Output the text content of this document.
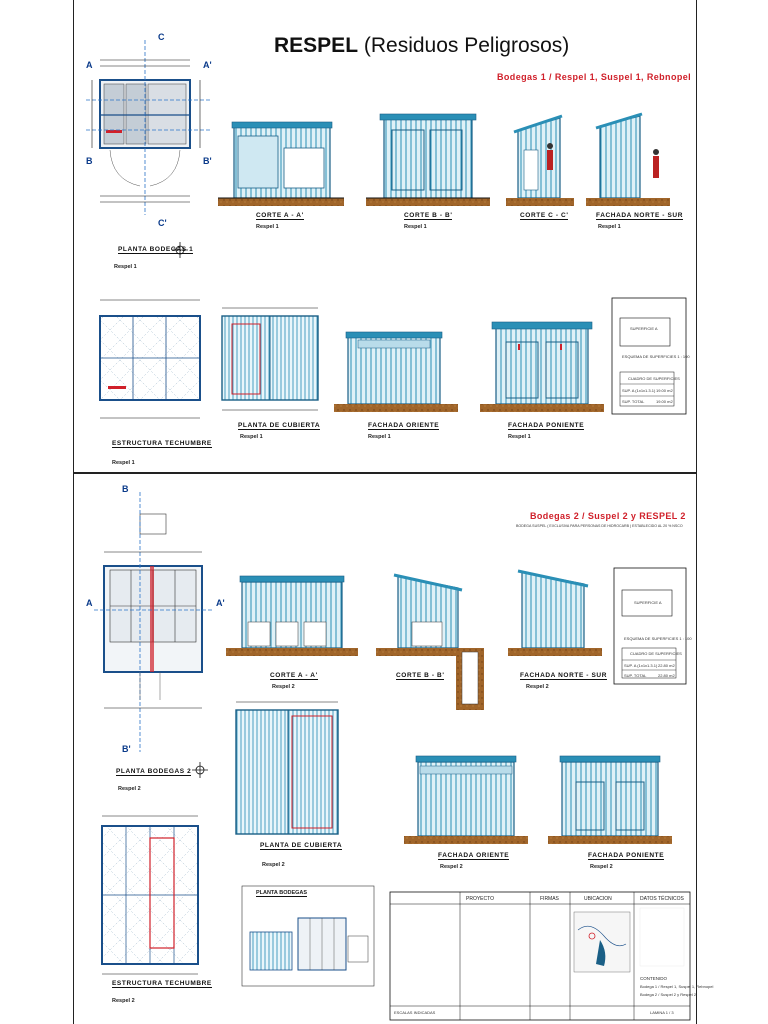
RESPEL (Residuos Peligrosos)
Bodegas 1 / Respel 1, Suspel 1, Rebnopel
Bodegas 2 / Suspel 2 y RESPEL 2
BODEGA SUSPEL ( EXCLUSIVA PARA PERSONAS DE HIDROCARB ) ESTABLECIDO AL 20 % NSCO
A	A'
B	B'
C
C'
PLANTA BODEGAS 1
Respel 1
CORTE A - A'
Respel 1
CORTE B - B'
Respel 1
CORTE C - C'	FACHADA NORTE - SUR
Respel 1
ESTRUCTURA TECHUMBRE
Respel 1
PLANTA DE CUBIERTA
Respel 1
FACHADA ORIENTE
Respel 1
FACHADA PONIENTE
Respel 1
SUPERFICIE A
ESQUEMA DE SUPERFICIES 1 : 100
CUADRO DE SUPERFICIES
SUP. A (1x1x1.3.1) 19.00 m2
SUP. TOTAL	19.00 m2
A	A'
B
B'
PLANTA BODEGAS 2
Respel 2
CORTE A - A'
Respel 2
CORTE B - B'	FACHADA NORTE - SUR
Respel 2
PLANTA DE CUBIERTA
Respel 2
ESTRUCTURA TECHUMBRE
Respel 2
FACHADA ORIENTE
Respel 2
FACHADA PONIENTE
Respel 2
PLANTA BODEGAS
SUPERFICIE A
ESQUEMA DE SUPERFICIES 1 : 100
CUADRO DE SUPERFICIES
SUP. A (1x1x1.3.1) 22.80 m2
SUP. TOTAL	22.80 m2
PROYECTO	FIRMAS	UBICACION	DATOS TÉCNICOS
ESCALAS INDICADAS	LAMINA 1 / 3
CONTENIDO
Bodega 1 / Respel 1, Suspel 1, Rebnopel
Bodega 2 / Suspel 2 y Respel 2
